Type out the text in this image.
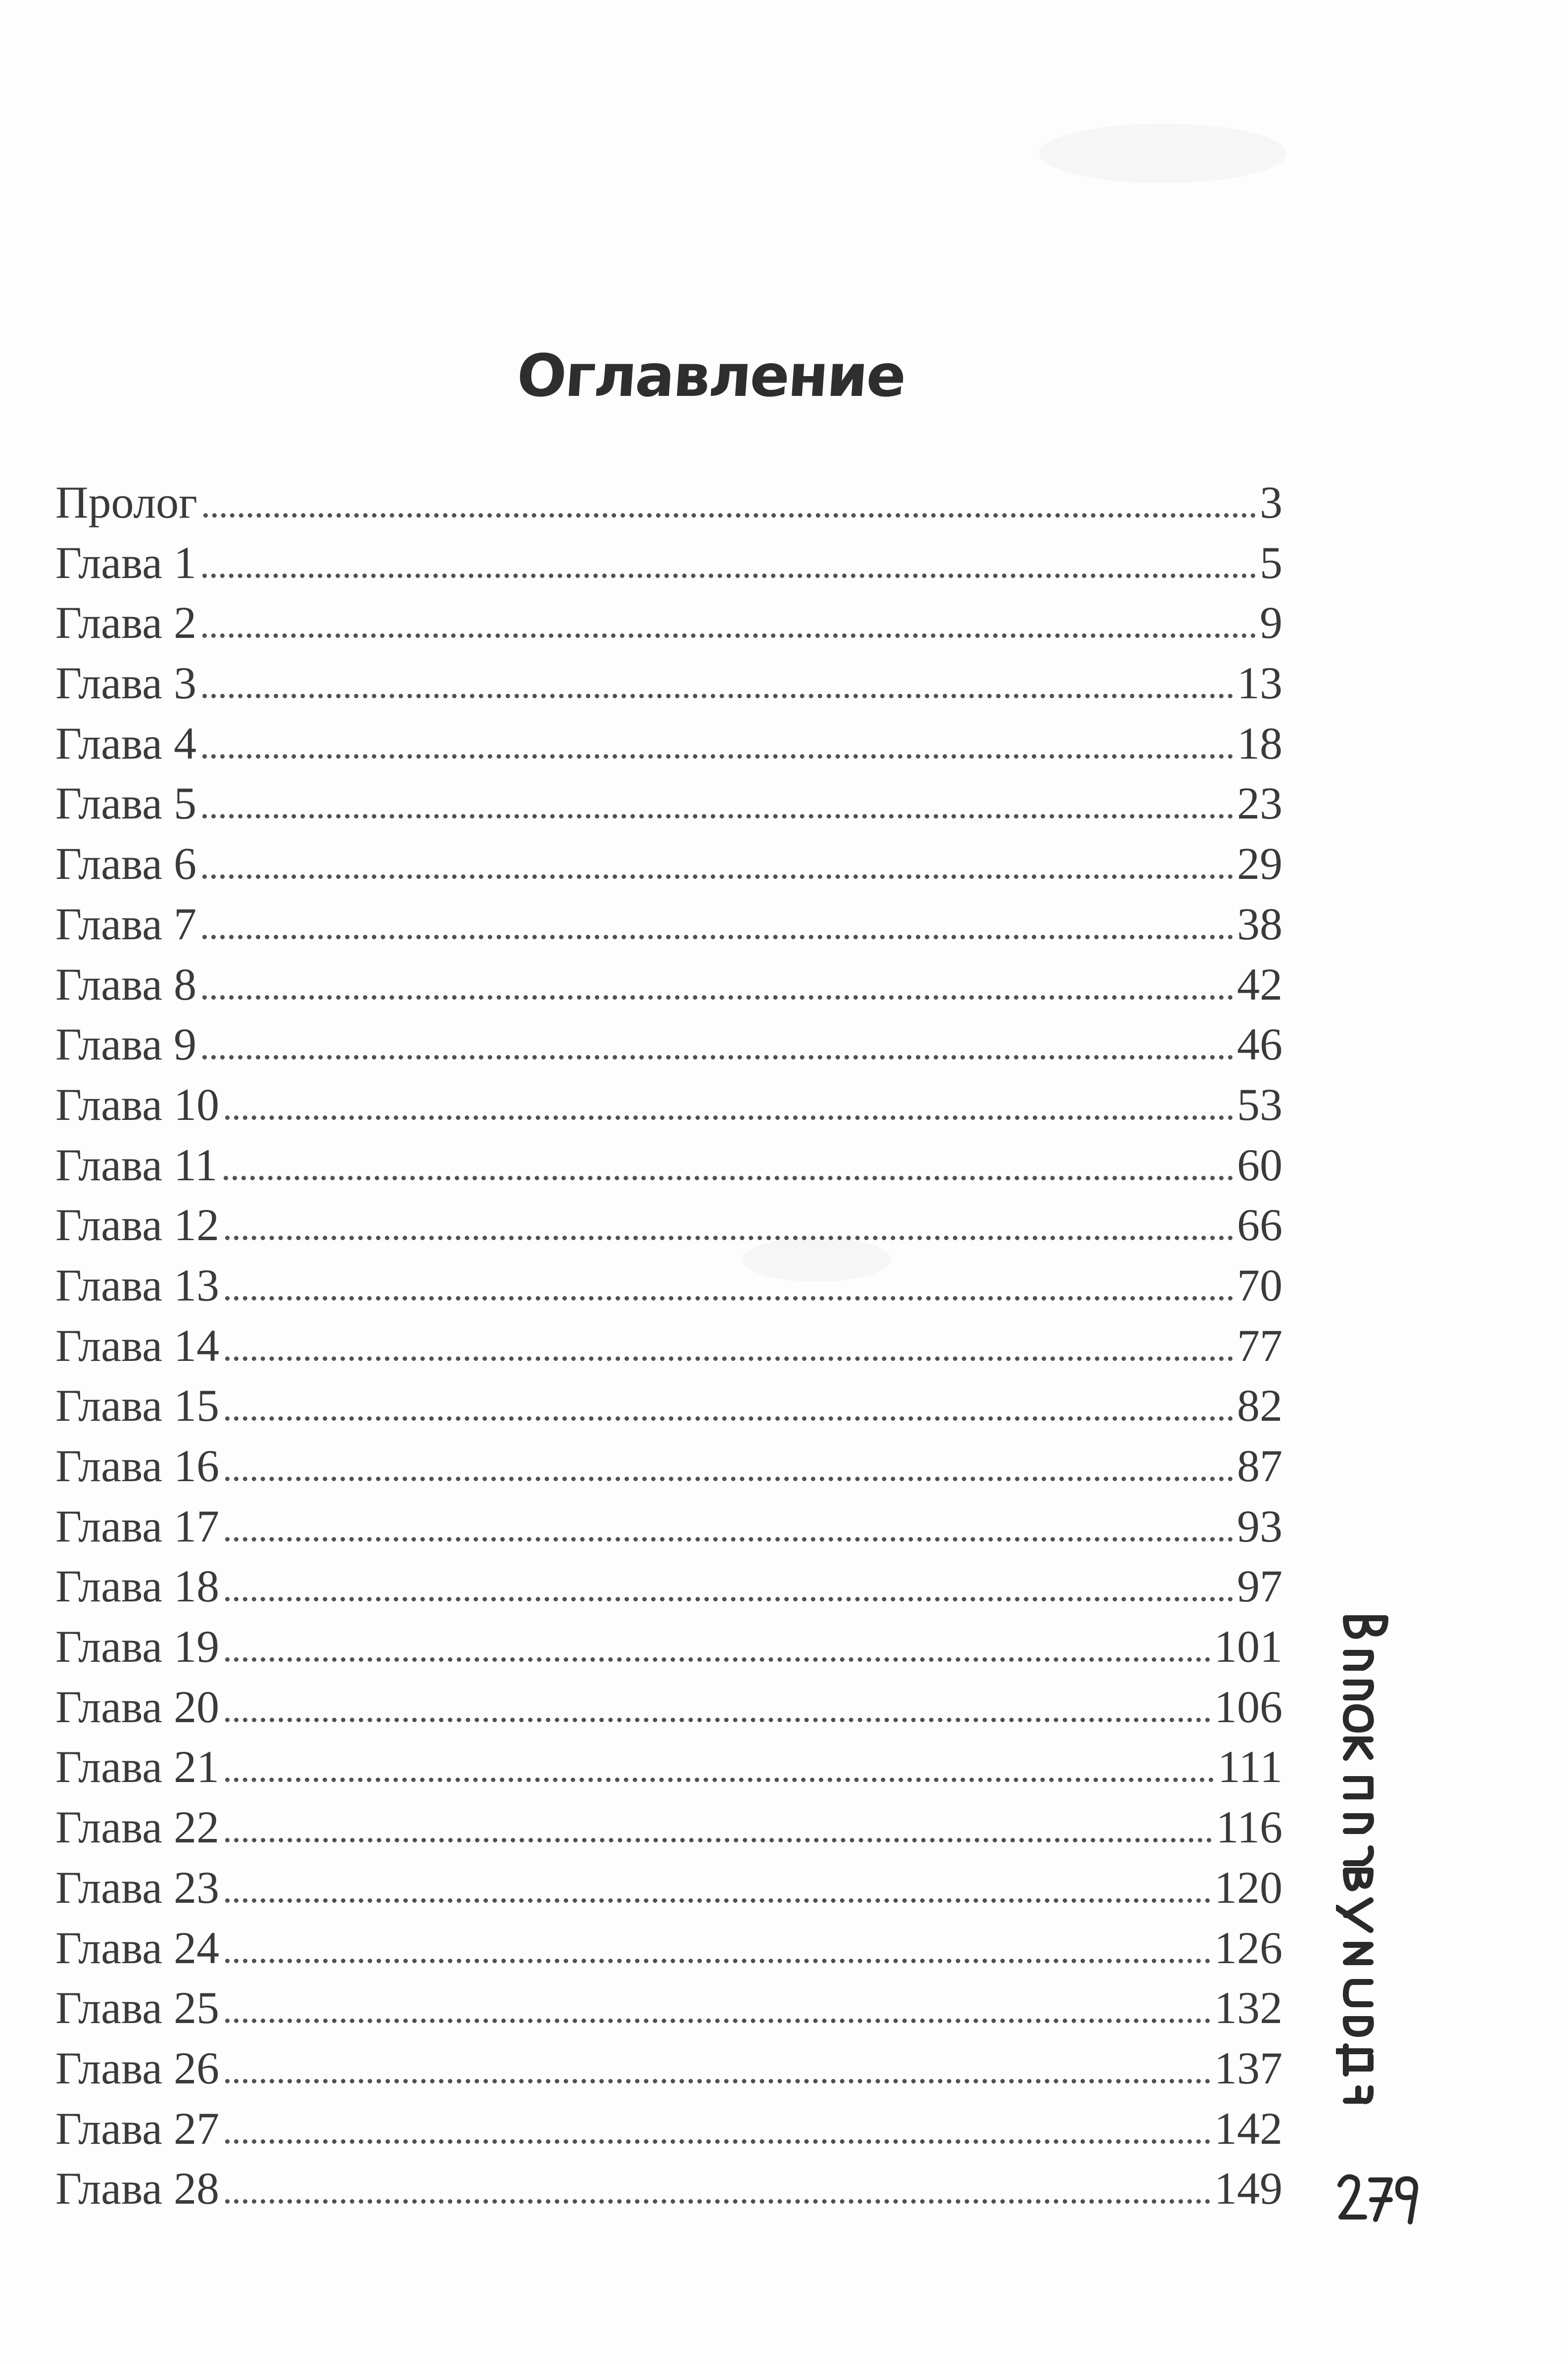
Оглавление
Пролог	3
Глава 1	5
Глава 2	9
Глава 3	13
Глава 4	18
Глава 5	23
Глава 6	29
Глава 7	38
Глава 8	42
Глава 9	46
Глава 10	53
Глава 11	60
Глава 12	66
Глава 13	70
Глава 14	77
Глава 15	82
Глава 16	87
Глава 17	93
Глава 18	97
Глава 19	101
Глава 20	106
Глава 21	111
Глава 22	116
Глава 23	120
Глава 24	126
Глава 25	132
Глава 26	137
Глава 27	142
Глава 28	149
